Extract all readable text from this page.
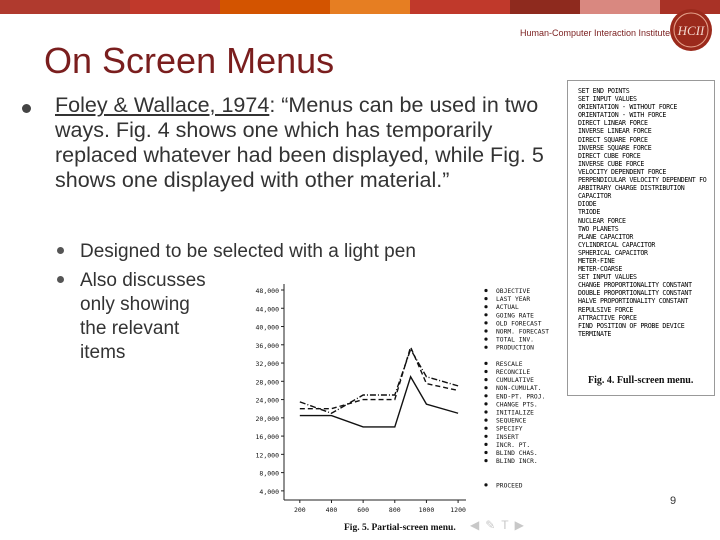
Human-Computer Interaction Institute HCII
On Screen Menus
Foley & Wallace, 1974: “Menus can be used in two ways. Fig. 4 shows one which has temporarily replaced whatever had been displayed, while Fig. 5 shows one displayed with other material.”
Designed to be selected with a light pen
Also discusses
only showing
the relevant
items
SET END POINTS
SET INPUT VALUES
ORIENTATION - WITHOUT FORCE
ORIENTATION - WITH FORCE
DIRECT LINEAR FORCE
INVERSE LINEAR FORCE
DIRECT SQUARE FORCE
INVERSE SQUARE FORCE
DIRECT CUBE FORCE
INVERSE CUBE FORCE
VELOCITY DEPENDENT FORCE
PERPENDICULAR VELOCITY DEPENDENT FO
ARBITRARY CHARGE DISTRIBUTION
CAPACITOR
DIODE
TRIODE
NUCLEAR FORCE
TWO PLANETS
PLANE CAPACITOR
CYLINDRICAL CAPACITOR
SPHERICAL CAPACITOR
METER-FINE
METER-COARSE
SET INPUT VALUES
CHANGE PROPORTIONALITY CONSTANT
DOUBLE PROPORTIONALITY CONSTANT
HALVE PROPORTIONALITY CONSTANT
REPULSIVE FORCE
ATTRACTIVE FORCE
FIND POSITION OF PROBE DEVICE
TERMINATE
Fig. 4. Full-screen menu.
48,000
44,000
40,000
36,000
32,000
28,000
24,000
20,000
16,000
12,000
8,000
4,000
200	400	600	800	1000 1200
OBJECTIVE
LAST YEAR
ACTUAL
GOING RATE
OLD FORECAST
NORM. FORECAST
TOTAL INV.
PRODUCTION
RESCALE
RECONCILE
CUMULATIVE
NON-CUMULAT.
END-PT. PROJ.
CHANGE PTS.
INITIALIZE
SEQUENCE
SPECIFY
INSERT
INCR. PT.
BLIND CHAS.
BLIND INCR.
PROCEED
Fig. 5. Partial-screen menu.
9
◀ ✎ T ▶
